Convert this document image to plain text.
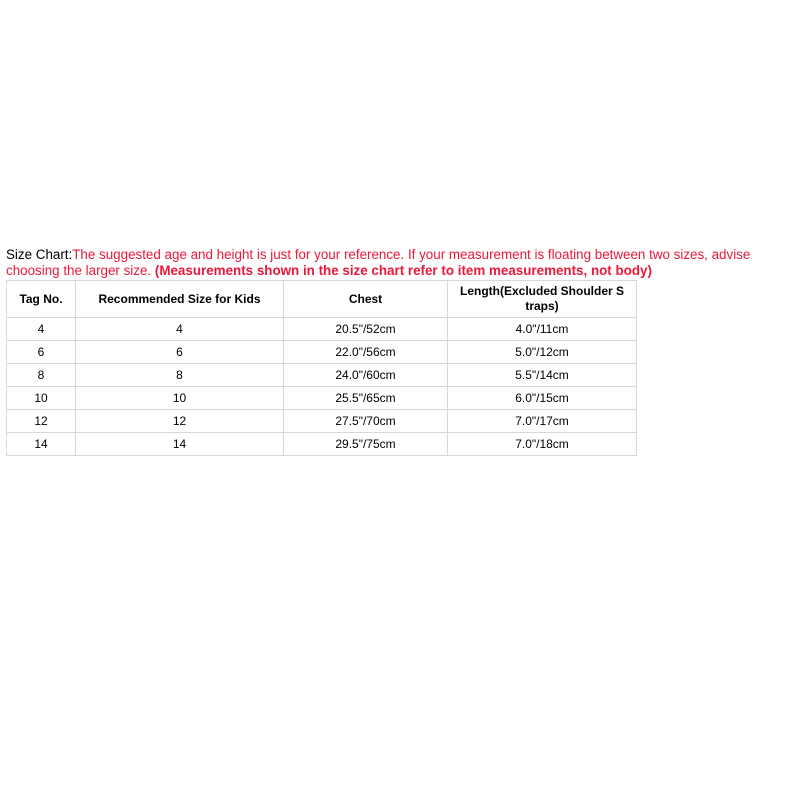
Size Chart:The suggested age and height is just for your reference. If your measurement is floating between two sizes, advise choosing the larger size. (Measurements shown in the size chart refer to item measurements, not body)
Tag No.	Recommended Size for Kids	Chest	Length(Excluded Shoulder S traps)
4	4	20.5"/52cm	4.0"/11cm
6	6	22.0"/56cm	5.0"/12cm
8	8	24.0"/60cm	5.5"/14cm
10	10	25.5"/65cm	6.0"/15cm
12	12	27.5"/70cm	7.0"/17cm
14	14	29.5"/75cm	7.0"/18cm
